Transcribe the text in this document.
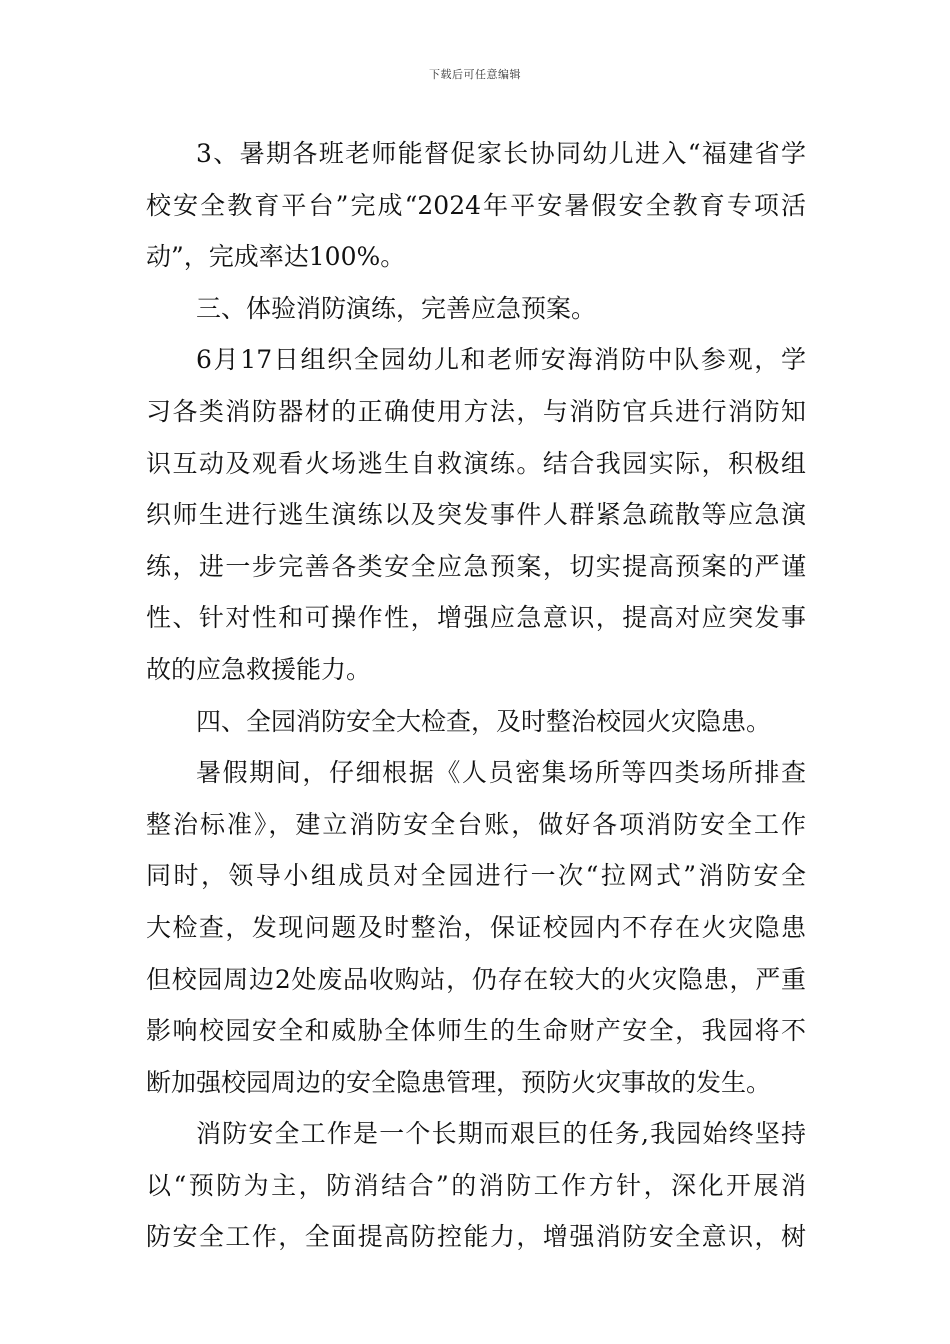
下载后可任意编辑
3、暑期各班老师能督促家长协同幼儿进入“福建省学
校安全教育平台”完成“2024年平安暑假安全教育专项活
动”，完成率达100%。
三、体验消防演练，完善应急预案。
6月17日组织全园幼儿和老师安海消防中队参观，学
习各类消防器材的正确使用方法，与消防官兵进行消防知
识互动及观看火场逃生自救演练。结合我园实际，积极组
织师生进行逃生演练以及突发事件人群紧急疏散等应急演
练，进一步完善各类安全应急预案，切实提高预案的严谨
性、针对性和可操作性，增强应急意识，提高对应突发事
故的应急救援能力。
四、全园消防安全大检查，及时整治校园火灾隐患。
暑假期间，仔细根据《人员密集场所等四类场所排查
整治标准》，建立消防安全台账，做好各项消防安全工作
同时，领导小组成员对全园进行一次“拉网式”消防安全
大检查，发现问题及时整治，保证校园内不存在火灾隐患
但校园周边2处废品收购站，仍存在较大的火灾隐患，严重
影响校园安全和威胁全体师生的生命财产安全，我园将不
断加强校园周边的安全隐患管理，预防火灾事故的发生。
消防安全工作是一个长期而艰巨的任务,我园始终坚持
以“预防为主，防消结合”的消防工作方针，深化开展消
防安全工作，全面提高防控能力，增强消防安全意识，树
